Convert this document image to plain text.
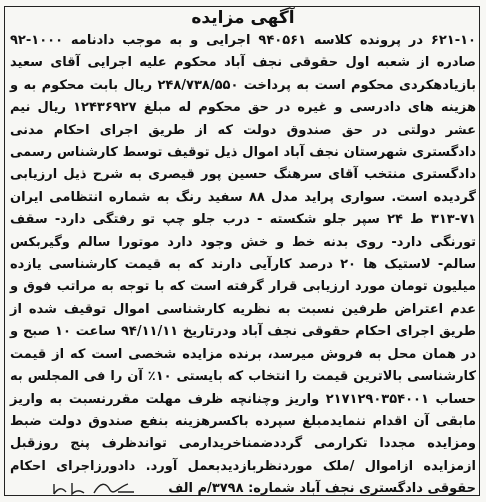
آگهی مزایده

۶۲۱-۱۰ در پرونده کلاسه ۹۴۰۵۶۱ اجرایی و به موجب دادنامه ۱۰۰۰-۹۲ صادره از شعبه اول حقوقی نجف آباد محکوم علیه اجرایی آقای سعید بازیاد‌هکردی محکوم است به پرداخت ۲۴۸/۷۳۸/۵۵۰ ریال بابت محکوم به و هزینه های دادرسی و غیره در حق محکوم له مبلغ ۱۲۴۳۶۹۲۷ ریال نیم عشر دولتی در حق صندوق دولت که از طریق اجرای احکام مدنی دادگستری شهرستان نجف آباد اموال ذیل توقیف توسط کارشناس رسمی دادگستری منتخب آقای سرهنگ حسین پور قیصری به شرح ذیل ارزیابی گردیده است. سواری پراید مدل ۸۸ سفید رنگ به شماره انتظامی ایران ۷۱-۳۱۳ ط ۲۴ سپر جلو شکسته - درب جلو چپ تو رفتگی دارد- سقف تورنگی دارد- روی بدنه خط و خش وجود دارد موتورا سالم وگیربکس سالم- لاستیک ها ۲۰ درصد کارآیی دارند که به قیمت کارشناسی یازده میلیون تومان مورد ارزیابی قرار گرفته است که با توجه به مراتب فوق و عدم اعتراض طرفین نسبت به نظریه کارشناسی اموال توقیف شده از طریق اجرای احکام حقوقی نجف آباد ودرتاریخ ۹۴/۱۱/۱۱ ساعت ۱۰ صبح و در همان محل به فروش میرسد، برنده مزایده شخصی است که از قیمت کارشناسی بالاترین قیمت را انتخاب که بایستی ۱۰٪ آن را فی المجلس به حساب ۲۱۷۱۲۹۰۳۵۴۰۰۱ واریز وچنانچه ظرف مهلت مقررنسبت به واریز مابقی آن اقدام ننمایدمبلغ سپرده باکسرهزینه بنفع صندوق دولت ضبط ومزایده مجددا تکرارمی گرددضمناخریدارمی تواندظرف پنج روزقبل ازمزایده ازاموال /ملک موردنظربازدیدبعمل آورد. دادورزاجرای احکام حقوقی دادگستری نجف آباد شماره: ۳۷۹۸/م الف
